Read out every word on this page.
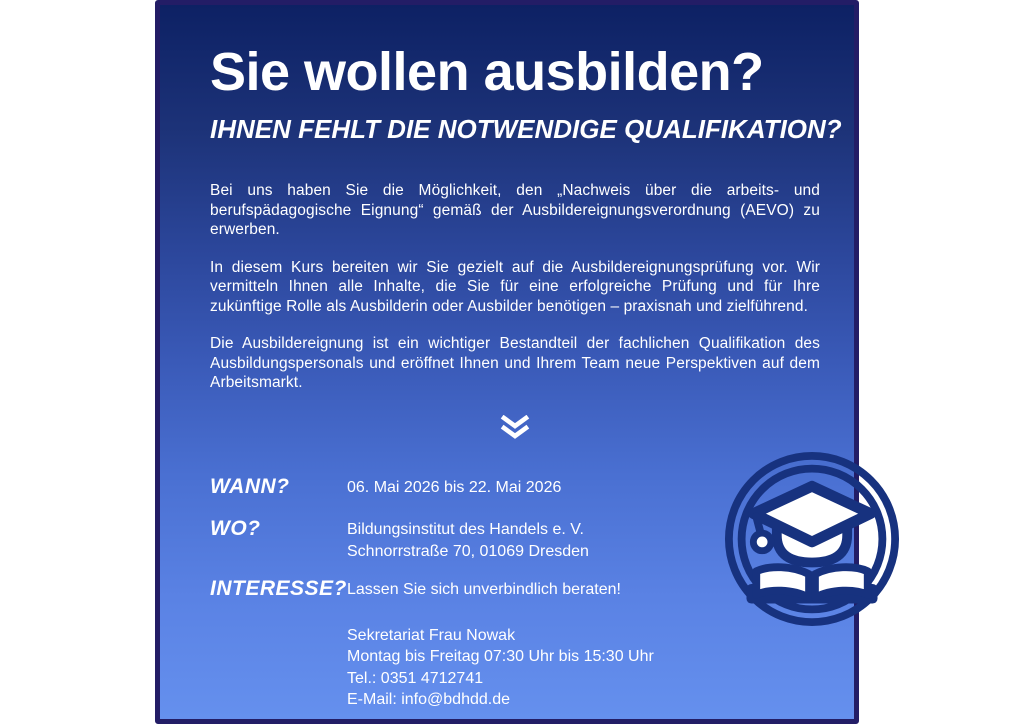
Sie wollen ausbilden?
IHNEN FEHLT DIE NOTWENDIGE QUALIFIKATION?

Bei uns haben Sie die Möglichkeit, den „Nachweis über die arbeits- und berufspädagogische Eignung“ gemäß der Ausbildereignungsverordnung (AEVO) zu erwerben.

In diesem Kurs bereiten wir Sie gezielt auf die Ausbildereignungsprüfung vor. Wir vermitteln Ihnen alle Inhalte, die Sie für eine erfolgreiche Prüfung und für Ihre zukünftige Rolle als Ausbilderin oder Ausbilder benötigen – praxisnah und zielführend.

Die Ausbildereignung ist ein wichtiger Bestandteil der fachlichen Qualifikation des Ausbildungspersonals und eröffnet Ihnen und Ihrem Team neue Perspektiven auf dem Arbeitsmarkt.

WANN?	06. Mai 2026 bis 22. Mai 2026
WO?	Bildungsinstitut des Handels e. V.
Schnorrstraße 70, 01069 Dresden
INTERESSE? Lassen Sie sich unverbindlich beraten!
Sekretariat Frau Nowak
Montag bis Freitag 07:30 Uhr bis 15:30 Uhr
Tel.: 0351 4712741
E-Mail: info@bdhdd.de
